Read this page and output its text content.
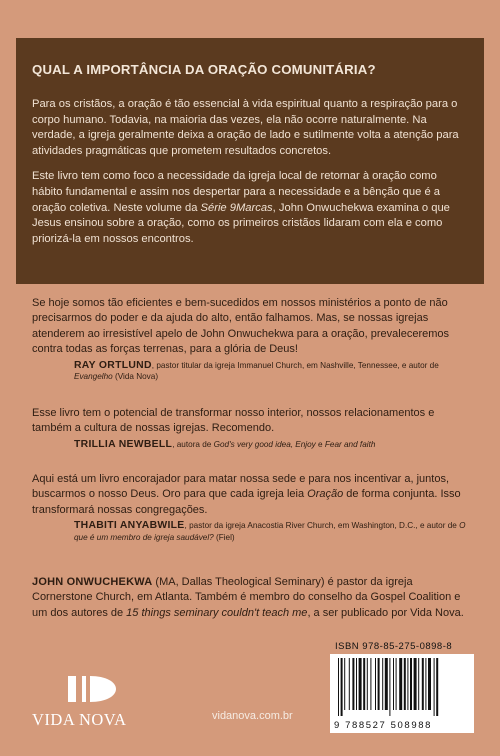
QUAL A IMPORTÂNCIA DA ORAÇÃO COMUNITÁRIA?

Para os cristãos, a oração é tão essencial à vida espiritual quanto a respiração para o corpo humano. Todavia, na maioria das vezes, ela não ocorre naturalmente. Na verdade, a igreja geralmente deixa a oração de lado e sutilmente volta a atenção para atividades pragmáticas que prometem resultados concretos.

Este livro tem como foco a necessidade da igreja local de retornar à oração como hábito fundamental e assim nos despertar para a necessidade e a bênção que é a oração coletiva. Neste volume da Série 9Marcas, John Onwuchekwa examina o que Jesus ensinou sobre a oração, como os primeiros cristãos lidaram com ela e como priorizá-la em nossos encontros.

Se hoje somos tão eficientes e bem-sucedidos em nossos ministérios a ponto de não precisarmos do poder e da ajuda do alto, então falhamos. Mas, se nossas igrejas atenderem ao irresistível apelo de John Onwuchekwa para a oração, prevaleceremos contra todas as forças terrenas, para a glória de Deus!

RAY ORTLUND, pastor titular da igreja Immanuel Church, em Nashville, Tennessee, e autor de Evangelho (Vida Nova)

Esse livro tem o potencial de transformar nosso interior, nossos relacionamentos e também a cultura de nossas igrejas. Recomendo.

TRILLIA NEWBELL, autora de God's very good idea, Enjoy e Fear and faith

Aqui está um livro encorajador para matar nossa sede e para nos incentivar a, juntos, buscarmos o nosso Deus. Oro para que cada igreja leia Oração de forma conjunta. Isso transformará nossas congregações.

THABITI ANYABWILE, pastor da igreja Anacostia River Church, em Washington, D.C., e autor de O que é um membro de igreja saudável? (Fiel)

JOHN ONWUCHEKWA (MA, Dallas Theological Seminary) é pastor da igreja Cornerstone Church, em Atlanta. Também é membro do conselho da Gospel Coalition e um dos autores de 15 things seminary couldn't teach me, a ser publicado por Vida Nova.

VIDA NOVA	vidanova.com.br
ISBN 978-85-275-0898-8
9 788527 508988
